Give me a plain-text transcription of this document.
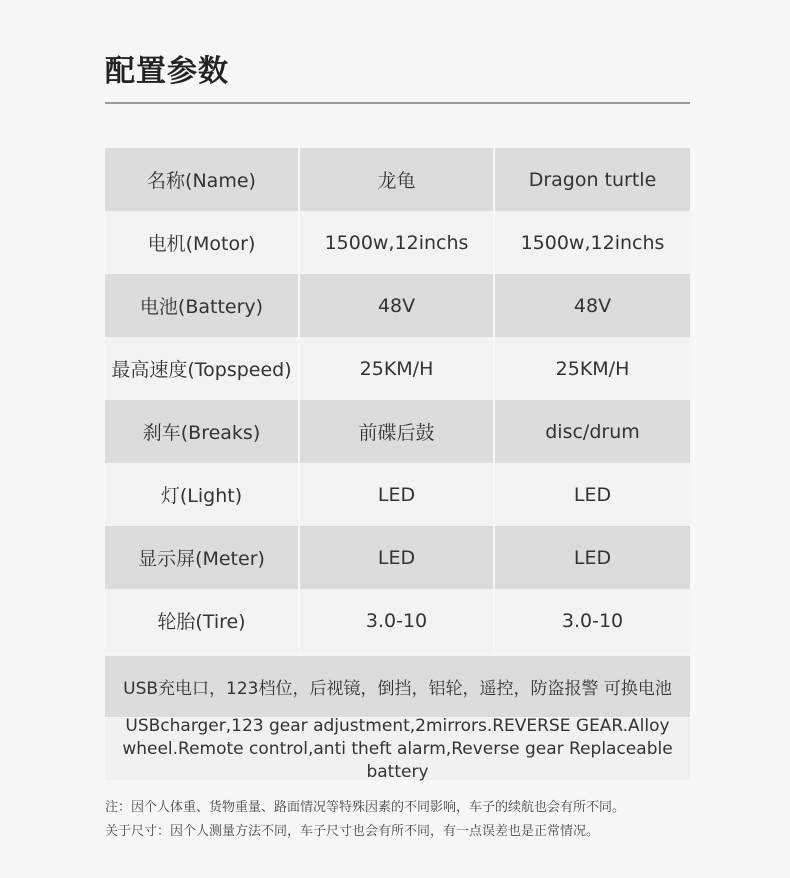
配置参数
名称(Name)	龙龟	Dragon turtle
电机(Motor)	1500w,12inchs	1500w,12inchs
电池(Battery)	48V	48V
最高速度(Topspeed)	25KM/H	25KM/H
刹车(Breaks)	前碟后鼓	disc/drum
灯(Light)	LED	LED
显示屏(Meter)	LED	LED
轮胎(Tire)	3.0-10	3.0-10
USB充电口，123档位，后视镜，倒挡，铝轮，遥控，防盗报警 可换电池
USBcharger,123 gear adjustment,2mirrors.REVERSE GEAR.Alloy
wheel.Remote control,anti theft alarm,Reverse gear Replaceable battery
注：因个人体重、货物重量、路面情况等特殊因素的不同影响，车子的续航也会有所不同。
关于尺寸：因个人测量方法不同，车子尺寸也会有所不同，有一点误差也是正常情况。
